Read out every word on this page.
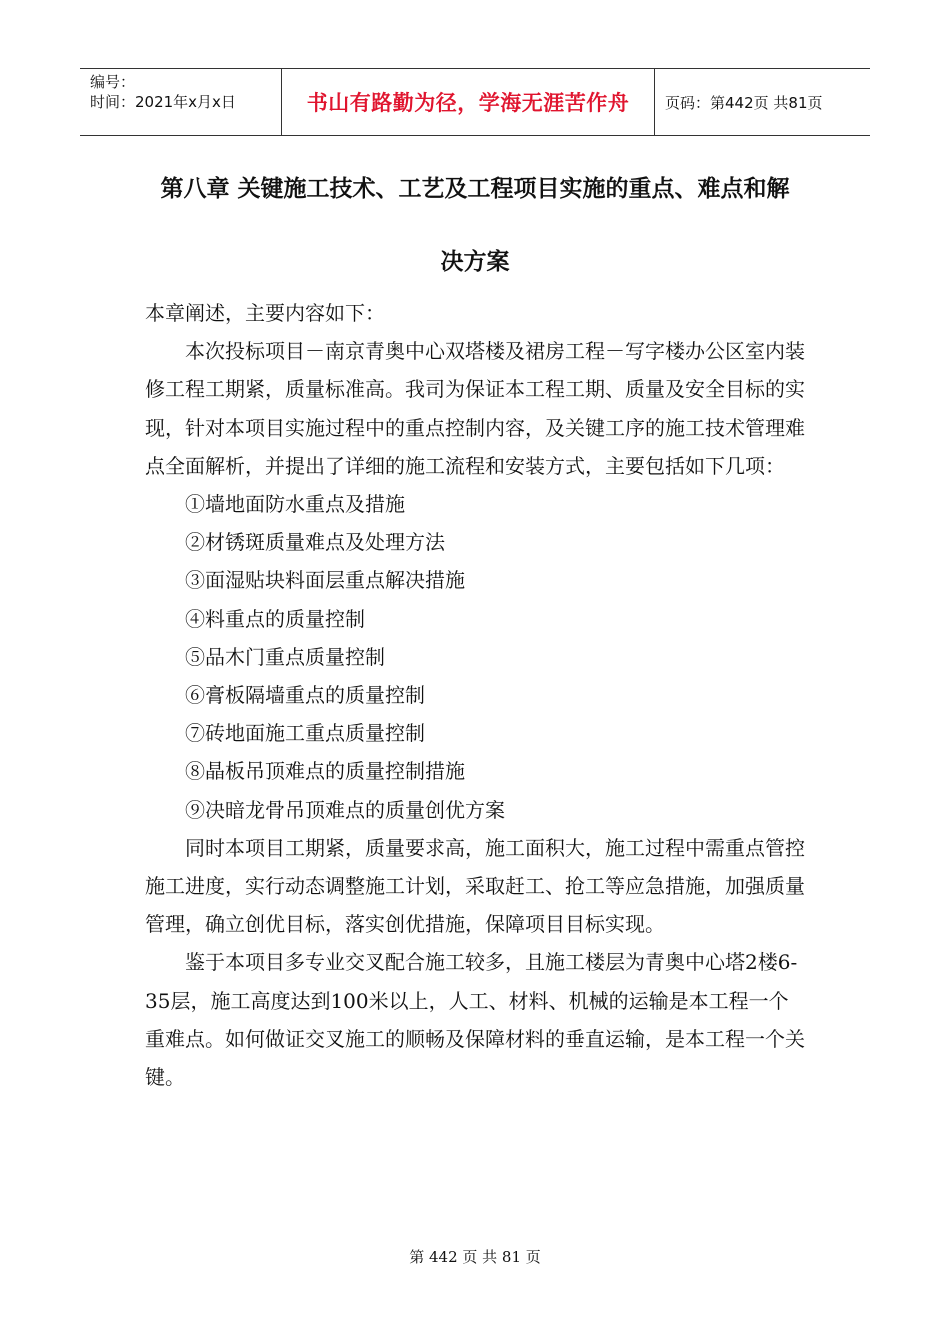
编号：
时间：2021年x月x日	书山有路勤为径，学海无涯苦作舟	页码：第442页 共81页
第八章 关键施工技术、工艺及工程项目实施的重点、难点和解
决方案

本章阐述，主要内容如下：

本次投标项目－南京青奥中心双塔楼及裙房工程－写字楼办公区室内装修工程工期紧，质量标准高。我司为保证本工程工期、质量及安全目标的实现，针对本项目实施过程中的重点控制内容，及关键工序的施工技术管理难点全面解析，并提出了详细的施工流程和安装方式，主要包括如下几项：

①墙地面防水重点及措施
②材锈斑质量难点及处理方法
③面湿贴块料面层重点解决措施
④料重点的质量控制
⑤品木门重点质量控制
⑥膏板隔墙重点的质量控制
⑦砖地面施工重点质量控制
⑧晶板吊顶难点的质量控制措施
⑨决暗龙骨吊顶难点的质量创优方案

同时本项目工期紧，质量要求高，施工面积大，施工过程中需重点管控施工进度，实行动态调整施工计划，采取赶工、抢工等应急措施，加强质量管理，确立创优目标，落实创优措施，保障项目目标实现。

鉴于本项目多专业交叉配合施工较多，且施工楼层为青奥中心塔2楼6-35层，施工高度达到100米以上，人工、材料、机械的运输是本工程一个重难点。如何做证交叉施工的顺畅及保障材料的垂直运输，是本工程一个关键。

第 442 页 共 81 页
